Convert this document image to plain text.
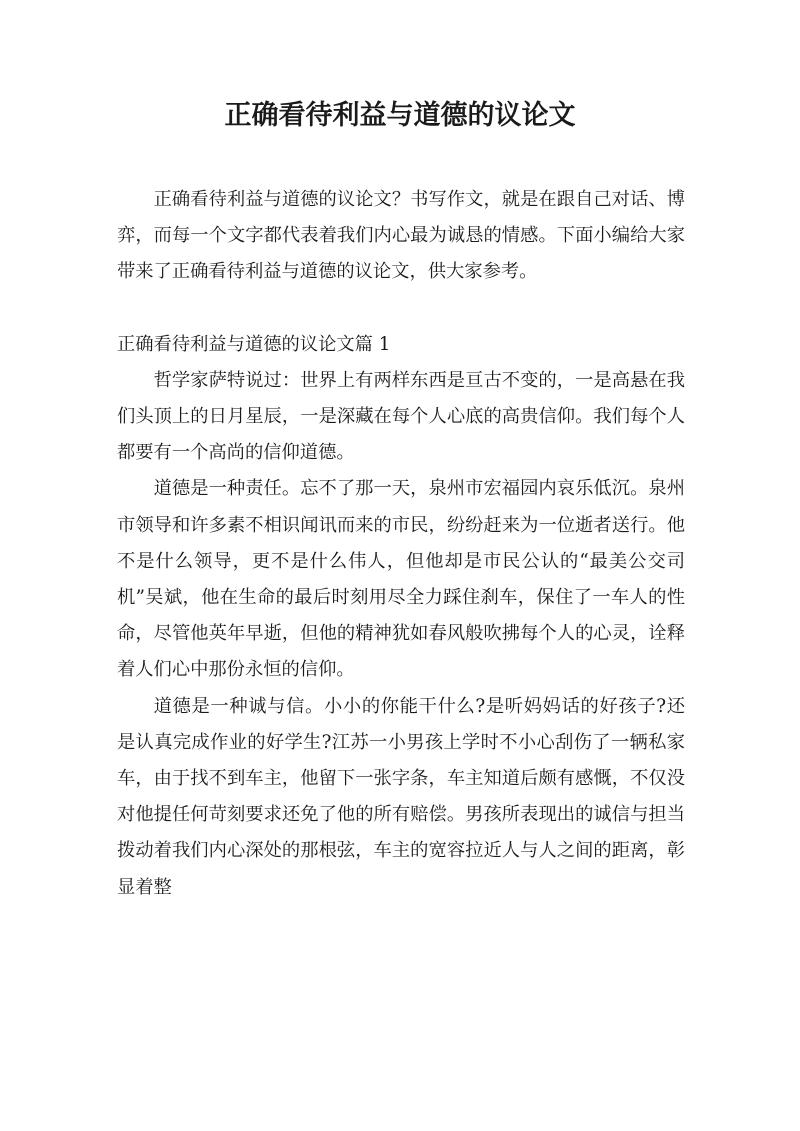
正确看待利益与道德的议论文

正确看待利益与道德的议论文？书写作文，就是在跟自己对话、博弈，而每一个文字都代表着我们内心最为诚恳的情感。下面小编给大家带来了正确看待利益与道德的议论文，供大家参考。

正确看待利益与道德的议论文篇 1

哲学家萨特说过：世界上有两样东西是亘古不变的，一是高悬在我们头顶上的日月星辰，一是深藏在每个人心底的高贵信仰。我们每个人都要有一个高尚的信仰道德。

道德是一种责任。忘不了那一天，泉州市宏福园内哀乐低沉。泉州市领导和许多素不相识闻讯而来的市民，纷纷赶来为一位逝者送行。他不是什么领导，更不是什么伟人，但他却是市民公认的“最美公交司机”吴斌，他在生命的最后时刻用尽全力踩住刹车，保住了一车人的性命，尽管他英年早逝，但他的精神犹如春风般吹拂每个人的心灵，诠释着人们心中那份永恒的信仰。

道德是一种诚与信。小小的你能干什么?是听妈妈话的好孩子?还是认真完成作业的好学生?江苏一小男孩上学时不小心刮伤了一辆私家车，由于找不到车主，他留下一张字条，车主知道后颇有感慨，不仅没对他提任何苛刻要求还免了他的所有赔偿。男孩所表现出的诚信与担当拨动着我们内心深处的那根弦，车主的宽容拉近人与人之间的距离，彰显着整
